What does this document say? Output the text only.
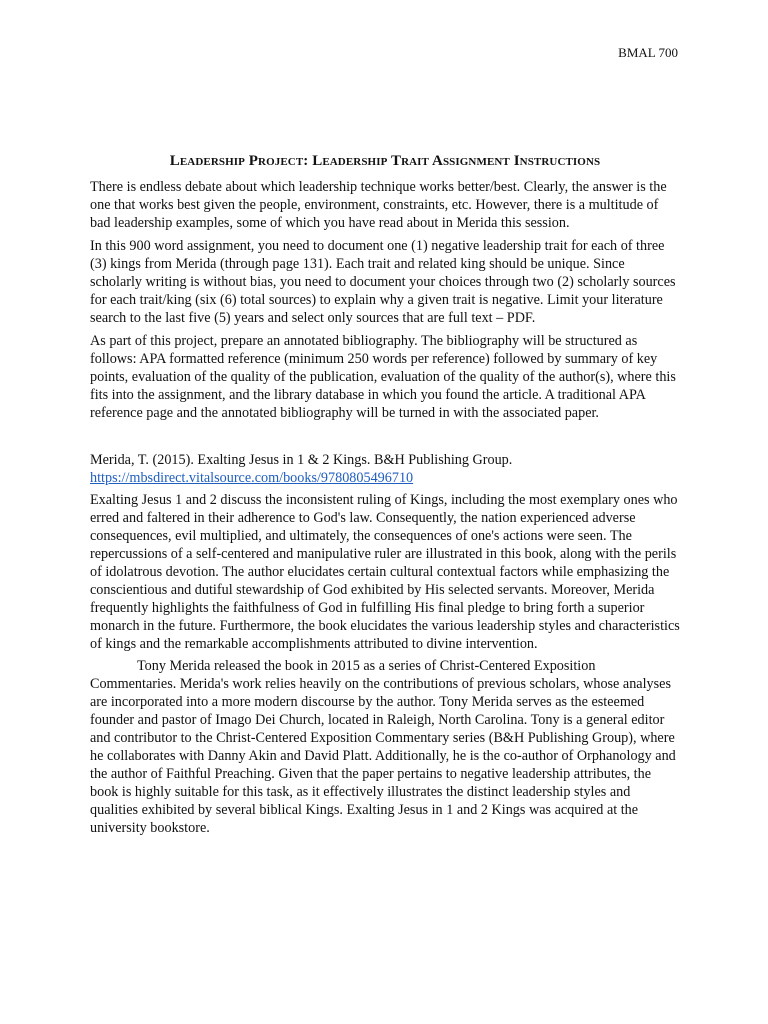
BMAL 700
Leadership Project: Leadership Trait Assignment Instructions

There is endless debate about which leadership technique works better/best. Clearly, the answer is the one that works best given the people, environment, constraints, etc. However, there is a multitude of bad leadership examples, some of which you have read about in Merida this session.

In this 900 word assignment, you need to document one (1) negative leadership trait for each of three (3) kings from Merida (through page 131). Each trait and related king should be unique. Since scholarly writing is without bias, you need to document your choices through two (2) scholarly sources for each trait/king (six (6) total sources) to explain why a given trait is negative. Limit your literature search to the last five (5) years and select only sources that are full text – PDF.

As part of this project, prepare an annotated bibliography. The bibliography will be structured as follows: APA formatted reference (minimum 250 words per reference) followed by summary of key points, evaluation of the quality of the publication, evaluation of the quality of the author(s), where this fits into the assignment, and the library database in which you found the article. A traditional APA reference page and the annotated bibliography will be turned in with the associated paper.

Merida, T. (2015). Exalting Jesus in 1 & 2 Kings. B&H Publishing Group.
https://mbsdirect.vitalsource.com/books/9780805496710

Exalting Jesus 1 and 2 discuss the inconsistent ruling of Kings, including the most exemplary ones who erred and faltered in their adherence to God's law. Consequently, the nation experienced adverse consequences, evil multiplied, and ultimately, the consequences of one's actions were seen. The repercussions of a self-centered and manipulative ruler are illustrated in this book, along with the perils of idolatrous devotion. The author elucidates certain cultural contextual factors while emphasizing the conscientious and dutiful stewardship of God exhibited by His selected servants. Moreover, Merida frequently highlights the faithfulness of God in fulfilling His final pledge to bring forth a superior monarch in the future. Furthermore, the book elucidates the various leadership styles and characteristics of kings and the remarkable accomplishments attributed to divine intervention.

Tony Merida released the book in 2015 as a series of Christ-Centered Exposition Commentaries. Merida's work relies heavily on the contributions of previous scholars, whose analyses are incorporated into a more modern discourse by the author. Tony Merida serves as the esteemed founder and pastor of Imago Dei Church, located in Raleigh, North Carolina. Tony is a general editor and contributor to the Christ-Centered Exposition Commentary series (B&H Publishing Group), where he collaborates with Danny Akin and David Platt. Additionally, he is the co-author of Orphanology and the author of Faithful Preaching. Given that the paper pertains to negative leadership attributes, the book is highly suitable for this task, as it effectively illustrates the distinct leadership styles and qualities exhibited by several biblical Kings. Exalting Jesus in 1 and 2 Kings was acquired at the university bookstore.
